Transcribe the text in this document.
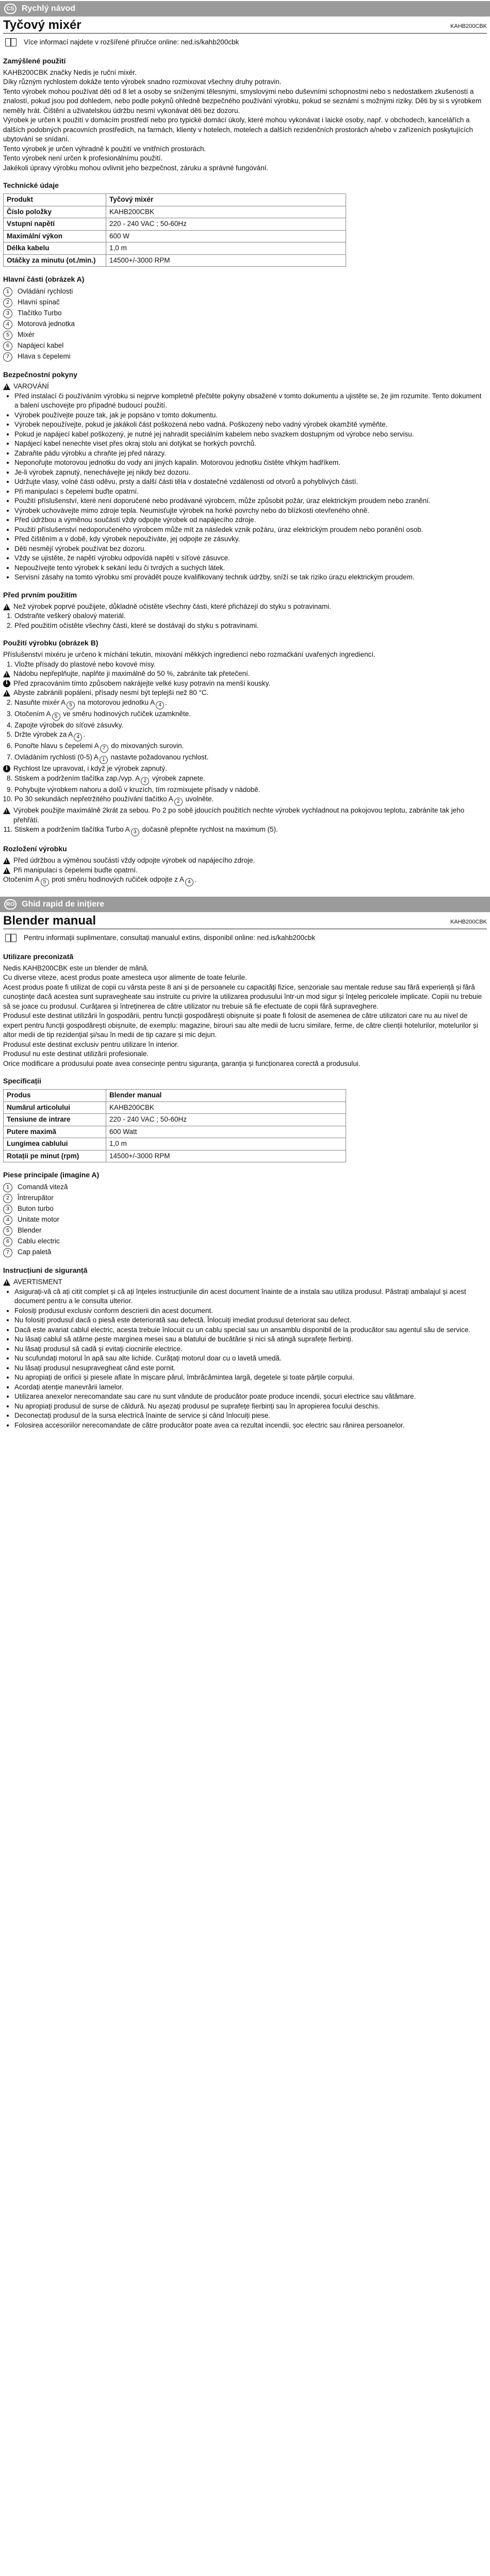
CS Rychlý návod
Tyčový mixér	KAHB200CBK
Více informací najdete v rozšířené příručce online: ned.is/kahb200cbk
Zamýšlené použití

KAHB200CBK značky Nedis je ruční mixér.

Díky různým rychlostem dokáže tento výrobek snadno rozmixovat všechny druhy potravin.

Tento výrobek mohou používat děti od 8 let a osoby se sníženými tělesnými, smyslovými nebo duševními schopnostmi nebo s nedostatkem zkušeností a znalostí, pokud jsou pod dohledem, nebo podle pokynů ohledně bezpečného používání výrobku, pokud se seznámí s možnými riziky. Děti by si s výrobkem neměly hrát. Čištění a uživatelskou údržbu nesmí vykonávat děti bez dozoru.

Výrobek je určen k použití v domácím prostředí nebo pro typické domácí úkoly, které mohou vykonávat i laické osoby, např. v obchodech, kancelářích a dalších podobných pracovních prostředích, na farmách, klienty v hotelech, motelech a dalších rezidenčních prostorách a/nebo v zařízeních poskytujících ubytování se snídaní.

Tento výrobek je určen výhradně k použití ve vnitřních prostorách.

Tento výrobek není určen k profesionálnímu použití.

Jakékoli úpravy výrobku mohou ovlivnit jeho bezpečnost, záruku a správné fungování.

Technické údaje
Produkt	Tyčový mixér
Číslo položky	KAHB200CBK
Vstupní napětí	220 - 240 VAC ; 50-60Hz
Maximální výkon	600 W
Délka kabelu	1,0 m
Otáčky za minutu (ot./min.)	14500+/-3000 RPM
Hlavní části (obrázek A)
1	Ovládání rychlosti
2	Hlavní spínač
3	Tlačítko Turbo
4	Motorová jednotka
5	Mixér
6	Napájecí kabel
7	Hlava s čepelemi
Bezpečnostní pokyny
!
VAROVÁNÍ
• Před instalací či používáním výrobku si nejprve kompletně přečtěte pokyny obsažené v tomto dokumentu a ujistěte se, že jim rozumíte. Tento dokument a balení uschovejte pro případné budoucí použití.
• Výrobek používejte pouze tak, jak je popsáno v tomto dokumentu.
• Výrobek nepoužívejte, pokud je jakákoli část poškozená nebo vadná. Poškozený nebo vadný výrobek okamžitě vyměňte.
• Pokud je napájecí kabel poškozený, je nutné jej nahradit speciálním kabelem nebo svazkem dostupným od výrobce nebo servisu.
• Napájecí kabel nenechte viset přes okraj stolu ani dotýkat se horkých povrchů.
• Zabraňte pádu výrobku a chraňte jej před nárazy.
• Neponořujte motorovou jednotku do vody ani jiných kapalin. Motorovou jednotku čistěte vlhkým hadříkem.
• Je-li výrobek zapnutý, nenechávejte jej nikdy bez dozoru.
• Udržujte vlasy, volné části oděvu, prsty a další části těla v dostatečné vzdálenosti od otvorů a pohyblivých částí.
• Při manipulaci s čepelemi buďte opatrní.
• Použití příslušenství, které není doporučené nebo prodávané výrobcem, může způsobit požár, úraz elektrickým proudem nebo zranění.
• Výrobek uchovávejte mimo zdroje tepla. Neumisťujte výrobek na horké povrchy nebo do blízkosti otevřeného ohně.
• Před údržbou a výměnou součástí vždy odpojte výrobek od napájecího zdroje.
• Použití příslušenství nedoporučeného výrobcem může mít za následek vznik požáru, úraz elektrickým proudem nebo poranění osob.
• Před čištěním a v době, kdy výrobek nepoužíváte, jej odpojte ze zásuvky.
• Děti nesmějí výrobek používat bez dozoru.
• Vždy se ujistěte, že napětí výrobku odpovídá napětí v síťové zásuvce.
• Nepoužívejte tento výrobek k sekání ledu či tvrdých a suchých látek.
• Servisní zásahy na tomto výrobku smí provádět pouze kvalifikovaný technik údržby, sníží se tak riziko úrazu elektrickým proudem.
Před prvním použitím
!
Než výrobek poprvé použijete, důkladně očistěte všechny části, které přicházejí do styku s potravinami.
1. Odstraňte veškerý obalový materiál.
2. Před použitím očistěte všechny části, které se dostávají do styku s potravinami.
Použití výrobku (obrázek B)

Příslušenství mixéru je určeno k míchání tekutin, mixování měkkých ingrediencí nebo rozmačkání uvařených ingrediencí.

1. Vložte přísady do plastové nebo kovové mísy.
!
Nádobu nepřeplňujte, naplňte ji maximálně do 50 %, zabráníte tak přetečení.
i Před zpracováním tímto způsobem nakrájejte velké kusy potravin na menší kousky.
!
Abyste zabránili popálení, přísady nesmí být teplejší než 80 °C.
2. Nasuňte mixér A 5 na motorovou jednotku A 4 .
3. Otočením A 5 ve směru hodinových ručiček uzamkněte.
4. Zapojte výrobek do síťové zásuvky.
5. Držte výrobek za A 4 .
6. Ponořte hlavu s čepelemi A 7 do mixovaných surovin.
7. Ovládáním rychlosti (0-5) A 1 nastavte požadovanou rychlost.
i Rychlost lze upravovat, i když je výrobek zapnutý.
8. Stiskem a podržením tlačítka zap./vyp. A 2 výrobek zapnete.
9. Pohybujte výrobkem nahoru a dolů v kruzích, tím rozmixujete přísady v nádobě.
10. Po 30 sekundách nepřetržitého používání tlačítko A 2 uvolněte.
!
Výrobek použijte maximálně 2krát za sebou. Po 2 po sobě jdoucích použitích nechte výrobek vychladnout na pokojovou teplotu, zabráníte tak jeho přehřátí.
11. Stiskem a podržením tlačítka Turbo A 3 dočasně přepněte rychlost na maximum (5).
Rozložení výrobku
!
Před údržbou a výměnou součástí vždy odpojte výrobek od napájecího zdroje.
!
Při manipulaci s čepelemi buďte opatrní.

Otočením A 5 proti směru hodinových ručiček odpojte z A 4 .

RO Ghid rapid de inițiere
Blender manual	KAHB200CBK
Pentru informații suplimentare, consultați manualul extins, disponibil online: ned.is/kahb200cbk
Utilizare preconizată

Nedis KAHB200CBK este un blender de mână.

Cu diverse viteze, acest produs poate amesteca ușor alimente de toate felurile.

Acest produs poate fi utilizat de copii cu vârsta peste 8 ani și de persoanele cu capacități fizice, senzoriale sau mentale reduse sau fără experiență și fără cunoștințe dacă acestea sunt supravegheate sau instruite cu privire la utilizarea produsului într-un mod sigur și înțeleg pericolele implicate. Copiii nu trebuie să se joace cu produsul. Curățarea și întreținerea de către utilizator nu trebuie să fie efectuate de copii fără supraveghere.

Produsul este destinat utilizării în gospodării, pentru funcții gospodărești obișnuite și poate fi folosit de asemenea de către utilizatori care nu au nivel de expert pentru funcții gospodărești obișnuite, de exemplu: magazine, birouri sau alte medii de lucru similare, ferme, de către clienții hotelurilor, motelurilor și altor medii de tip rezidențial și/sau în medii de tip cazare și mic dejun.

Produsul este destinat exclusiv pentru utilizare în interior.

Produsul nu este destinat utilizării profesionale.

Orice modificare a produsului poate avea consecințe pentru siguranța, garanția și funcționarea corectă a produsului.

Specificații
Produs	Blender manual
Numărul articolului	KAHB200CBK
Tensiune de intrare	220 - 240 VAC ; 50-60Hz
Putere maximă	600 Watt
Lungimea cablului	1,0 m
Rotații pe minut (rpm)	14500+/-3000 RPM
Piese principale (imagine A)
1	Comandă viteză
2	Întrerupător
3	Buton turbo
4	Unitate motor
5	Blender
6	Cablu electric
7	Cap paletă
Instrucțiuni de siguranță
!
AVERTISMENT
• Asigurați-vă că ați citit complet și că ați înțeles instrucțiunile din acest document înainte de a instala sau utiliza produsul. Păstrați ambalajul și acest document pentru a le consulta ulterior.
• Folosiți produsul exclusiv conform descrierii din acest document.
• Nu folosiți produsul dacă o piesă este deteriorată sau defectă. Înlocuiți imediat produsul deteriorat sau defect.
• Dacă este avariat cablul electric, acesta trebuie înlocuit cu un cablu special sau un ansamblu disponibil de la producător sau agentul său de service.
• Nu lăsați cablul să atârne peste marginea mesei sau a blatului de bucătărie și nici să atingă suprafețe fierbinți.
• Nu lăsați produsul să cadă și evitați ciocnirile electrice.
• Nu scufundați motorul în apă sau alte lichide. Curățați motorul doar cu o lavetă umedă.
• Nu lăsați produsul nesupravegheat când este pornit.
• Nu apropiați de orificii și piesele aflate în mișcare părul, îmbrăcămintea largă, degetele și toate părțile corpului.
• Acordați atenție manevrării lamelor.
• Utilizarea anexelor nerecomandate sau care nu sunt vândute de producător poate produce incendii, șocuri electrice sau vătămare.
• Nu apropiați produsul de surse de căldură. Nu așezați produsul pe suprafețe fierbinți sau în apropierea focului deschis.
• Deconectați produsul de la sursa electrică înainte de service și când înlocuiți piese.
• Folosirea accesoriilor nerecomandate de către producător poate avea ca rezultat incendii, șoc electric sau rănirea persoanelor.
